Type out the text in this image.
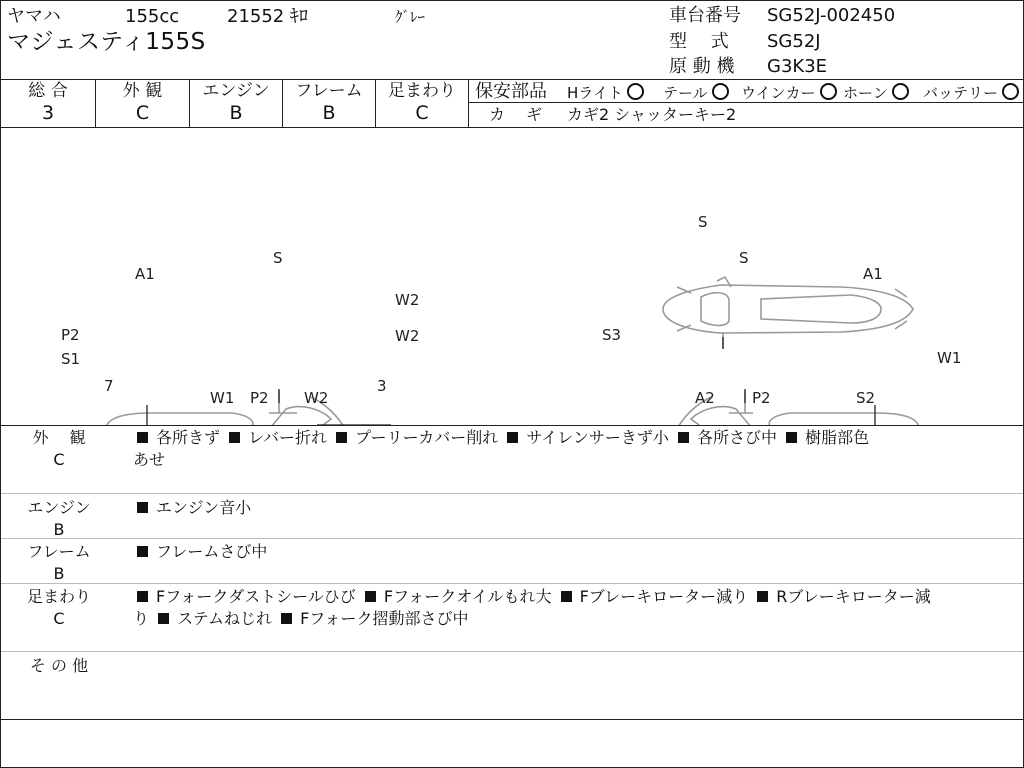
ヤマハ	155cc	21552 ｷﾛ	ｸﾞﾚｰ
マジェスティ155S
車台番号 SG52J-002450
型　 式 SG52J
原 動 機 G3K3E
総 合
3
外 観
C
エンジン
B
フレーム
B
足まわり
C
保安部品 Hライト	テール	ウインカー	ホーン	バッテリー
カ　 ギ カギ2 シャッターキー2
A1
S
W2
W2
P2
S1
7	3
W1 P2 W2
S
A1
S3
W1
A2 P2	S2
S
外　 観
C
各所きず レバー折れ プーリーカバー削れ サイレンサーきず小 各所さび中 樹脂部色
あせ
エンジン
B
エンジン音小
フレーム
B
フレームさび中
足まわり
C
Fフォークダストシールひび Fフォークオイルもれ大 Fブレーキローター減り Rブレーキローター減
り ステムねじれ Fフォーク摺動部さび中
そ の 他
